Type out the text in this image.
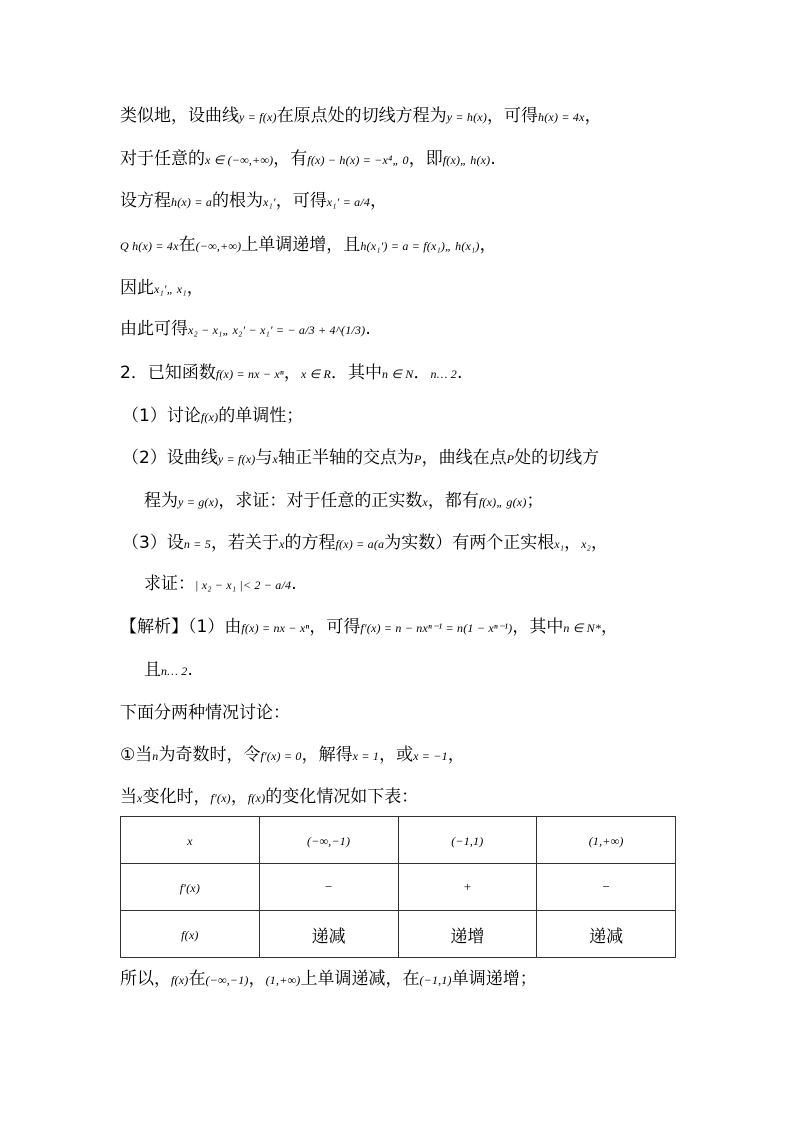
类似地，设曲线y = f(x)在原点处的切线方程为y = h(x)，可得h(x) = 4x，
对于任意的x ∈ (−∞,+∞)，有f(x) − h(x) = −x⁴„ 0，即f(x)„ h(x).
设方程h(x) = a的根为x₁′，可得x₁′ = a/4，
Q h(x) = 4x在(−∞,+∞)上单调递增，且h(x₁′) = a = f(x₁)„ h(x₁)，
因此x₁′„ x₁，
由此可得x₂ − x₁„ x₂′ − x₁′ = − a/3 + 4^(1/3).
2．已知函数f(x) = nx − xⁿ，x ∈ R．其中n ∈ N．n… 2.
（1）讨论f(x)的单调性；
（2）设曲线y = f(x)与x轴正半轴的交点为P，曲线在点P处的切线方
程为y = g(x)，求证：对于任意的正实数x，都有f(x)„ g(x)；
（3）设n = 5，若关于x的方程f(x) = a(a为实数）有两个正实根x₁，x₂，
求证：| x₂ − x₁ |< 2 − a/4.
【解析】（1）由f(x) = nx − xⁿ，可得f′(x) = n − nxⁿ⁻¹ = n(1 − xⁿ⁻¹)，其中n ∈ N*，
且n… 2.
下面分两种情况讨论：
①当n为奇数时，令f′(x) = 0，解得x = 1，或x = −1，
当x变化时，f′(x)，f(x)的变化情况如下表：
x	(−∞,−1)	(−1,1)	(1,+∞)
f′(x)	−	+	−
f(x)	递减	递增	递减
所以，f(x)在(−∞,−1)，(1,+∞)上单调递减，在(−1,1)单调递增；
